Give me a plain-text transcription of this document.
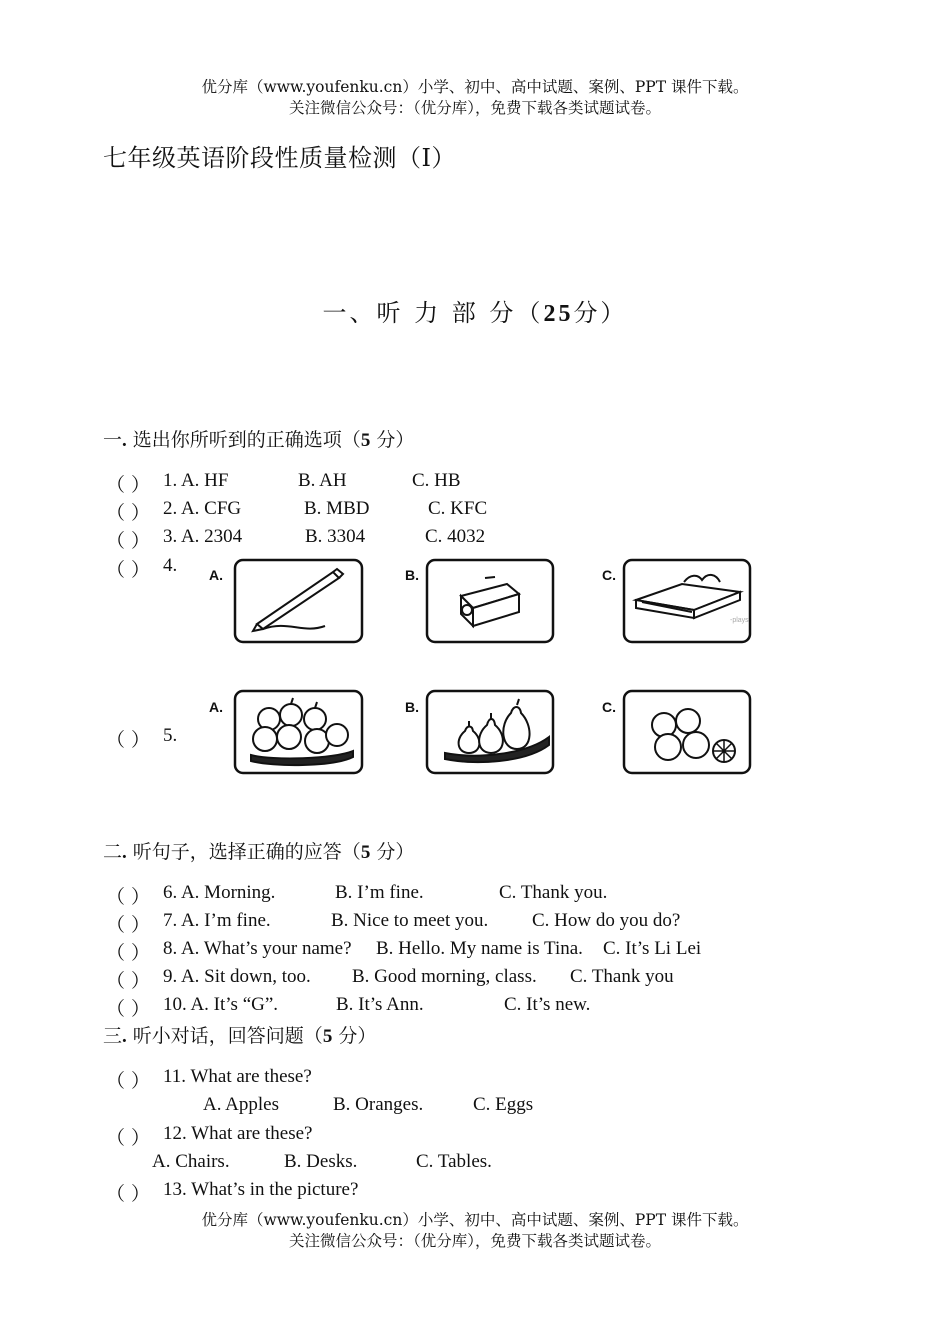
优分库（www.youfenku.cn）小学、初中、高中试题、案例、PPT 课件下载。
关注微信公众号：（优分库），免费下载各类试题试卷。
七年级英语阶段性质量检测（Ⅰ）
一、听 力 部 分（25分）
一. 选出你所听到的正确选项（5 分）
（ ） 1. A. HF	B. AH	C. HB
（ ） 2. A. CFG	B. MBD	C. KFC
（ ） 3. A. 2304	B. 3304	C. 4032
（ ） 4. A.	B.	C.
-plays
（ ） 5.
A.	B.	C.
二. 听句子，选择正确的应答（5 分）
（ ） 6. A. Morning.	B. I’m fine.	C. Thank you.
（ ） 7. A. I’m fine.	B. Nice to meet you. C. How do you do?
（ ） 8. A. What’s your name? B. Hello. My name is Tina. C. It’s Li Lei
（ ） 9. A. Sit down, too. B. Good morning, class. C. Thank you
（ ） 10. A. It’s “G”.	B. It’s Ann.	C. It’s new.
三. 听小对话，回答问题（5 分）
（ ） 11. What are these?
A. Apples	B. Oranges.	C. Eggs
（ ） 12. What are these?
A. Chairs.	B. Desks.	C. Tables.
（ ） 13. What’s in the picture?
优分库（www.youfenku.cn）小学、初中、高中试题、案例、PPT 课件下载。
关注微信公众号：（优分库），免费下载各类试题试卷。
